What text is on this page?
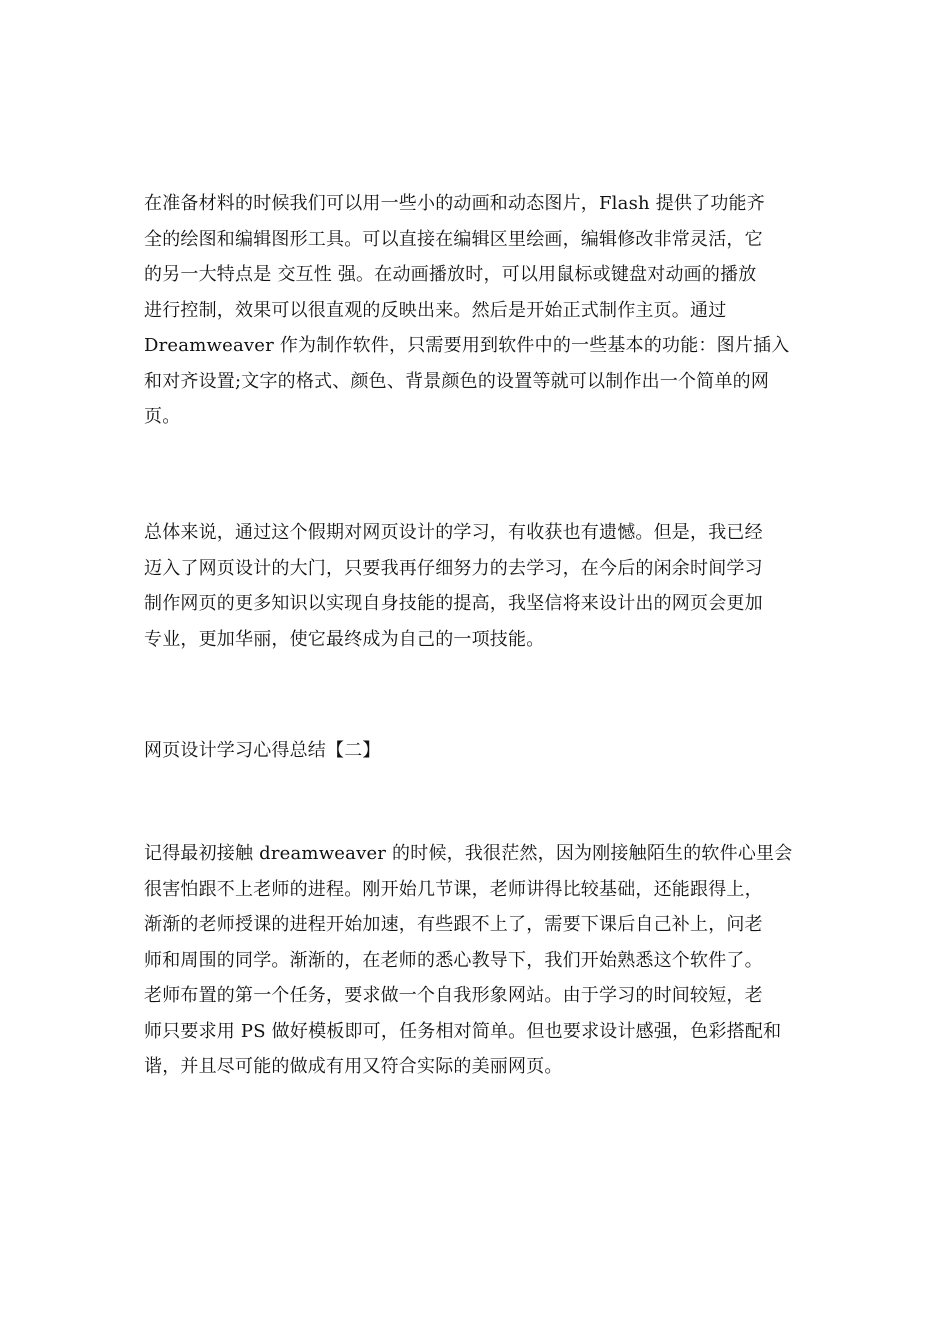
在准备材料的时候我们可以用一些小的动画和动态图片，Flash 提供了功能齐
全的绘图和编辑图形工具。可以直接在编辑区里绘画，编辑修改非常灵活，它
的另一大特点是 交互性 强。在动画播放时，可以用鼠标或键盘对动画的播放
进行控制，效果可以很直观的反映出来。然后是开始正式制作主页。通过
Dreamweaver 作为制作软件，只需要用到软件中的一些基本的功能：图片插入
和对齐设置;文字的格式、颜色、背景颜色的设置等就可以制作出一个简单的网
页。
总体来说，通过这个假期对网页设计的学习，有收获也有遗憾。但是，我已经
迈入了网页设计的大门，只要我再仔细努力的去学习，在今后的闲余时间学习
制作网页的更多知识以实现自身技能的提高，我坚信将来设计出的网页会更加
专业，更加华丽，使它最终成为自己的一项技能。
网页设计学习心得总结【二】
记得最初接触 dreamweaver 的时候，我很茫然，因为刚接触陌生的软件心里会
很害怕跟不上老师的进程。刚开始几节课，老师讲得比较基础，还能跟得上，
渐渐的老师授课的进程开始加速，有些跟不上了，需要下课后自己补上，问老
师和周围的同学。渐渐的，在老师的悉心教导下，我们开始熟悉这个软件了。
老师布置的第一个任务，要求做一个自我形象网站。由于学习的时间较短，老
师只要求用 PS 做好模板即可，任务相对简单。但也要求设计感强，色彩搭配和
谐，并且尽可能的做成有用又符合实际的美丽网页。
